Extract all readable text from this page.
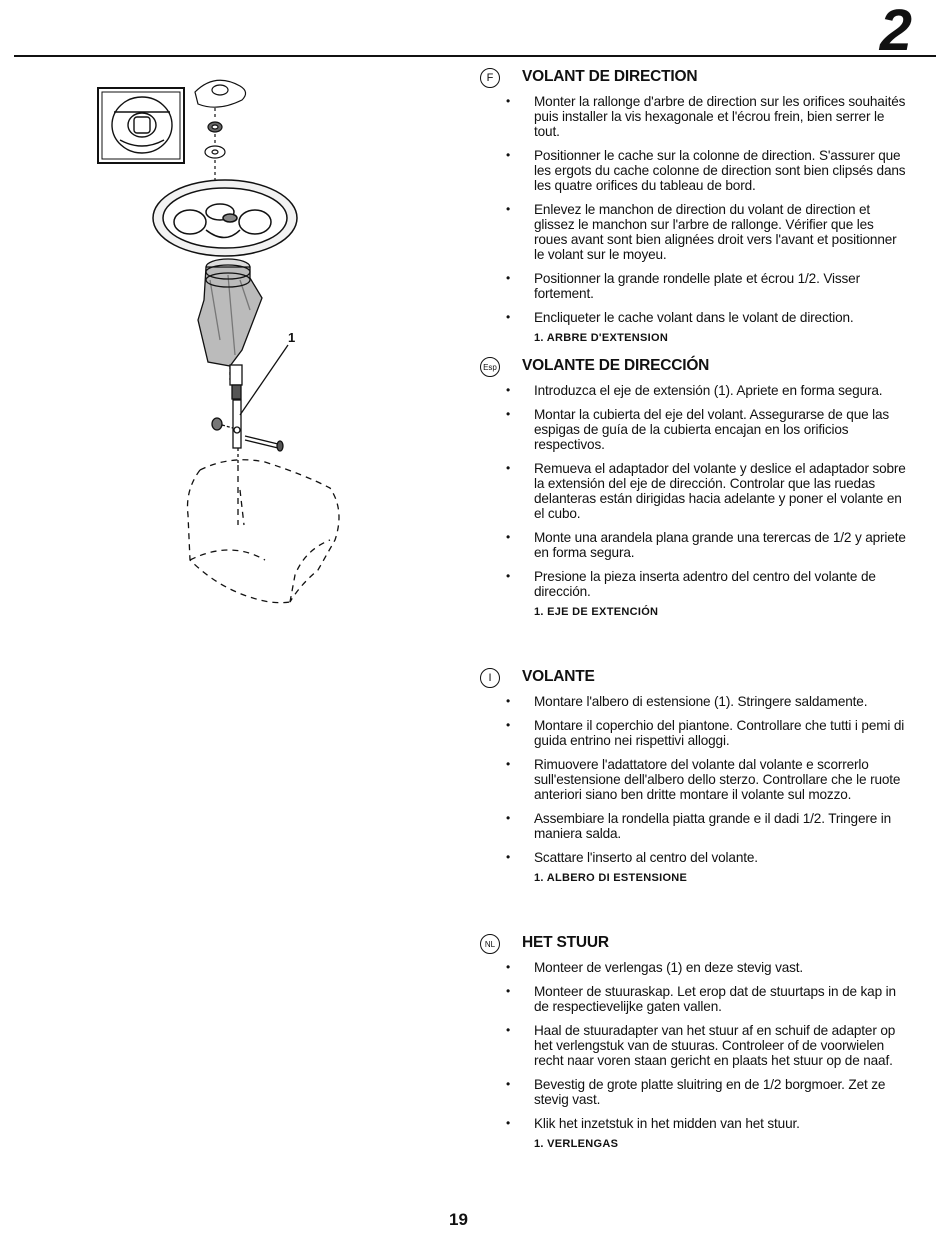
2
1
F	VOLANT DE DIRECTION
• Monter la rallonge d'arbre de direction sur les orifices souhaités puis installer la vis hexagonale et l'écrou frein, bien serrer le tout.
• Positionner le cache sur la colonne de direction. S'assurer que les ergots du cache colonne de direction sont bien clipsés dans les quatre orifices du tableau de bord.
• Enlevez le manchon de direction du volant de direction et glissez le manchon sur l'arbre de rallonge. Vérifier que les roues avant sont bien alignées droit vers l'avant et positionner le volant sur le moyeu.
• Positionner la grande rondelle plate et écrou 1/2. Visser fortement.
• Encliqueter le cache volant dans le volant de direction.
1. ARBRE D'EXTENSION
Esp VOLANTE DE DIRECCIÓN
• Introduzca el eje de extensión (1). Apriete en forma segura.
• Montar la cubierta del eje del volant. Assegurarse de que las espigas de guía de la cubierta encajan en los orificios respectivos.
• Remueva el adaptador del volante y deslice el adaptador sobre la extensión del eje de dirección. Controlar que las ruedas delanteras están dirigidas hacia adelante y poner el volante en el cubo.
• Monte una arandela plana grande una terercas de 1/2 y apriete en forma segura.
• Presione la pieza inserta adentro del centro del volante de dirección.
1. EJE DE EXTENCIÓN
I	VOLANTE
• Montare l'albero di estensione (1). Stringere saldamente.
• Montare il coperchio del piantone. Controllare che tutti i pemi di guida entrino nei rispettivi alloggi.
• Rimuovere l'adattatore del volante dal volante e scorrerlo sull'estensione dell'albero dello sterzo. Controllare che le ruote anteriori siano ben dritte montare il volante sul mozzo.
• Assembiare la rondella piatta grande e il dadi 1/2. Tringere in maniera salda.
• Scattare l'inserto al centro del volante.
1. ALBERO DI ESTENSIONE
NL	HET STUUR
• Monteer de verlengas (1) en deze stevig vast.
• Monteer de stuuraskap. Let erop dat de stuurtaps in de kap in de respectievelijke gaten vallen.
• Haal de stuuradapter van het stuur af en schuif de adapter op het verlengstuk van de stuuras. Controleer of de voorwielen recht naar voren staan gericht en plaats het stuur op de naaf.
• Bevestig de grote platte sluitring en de 1/2 borgmoer. Zet ze stevig vast.
• Klik het inzetstuk in het midden van het stuur.
1. VERLENGAS
19
